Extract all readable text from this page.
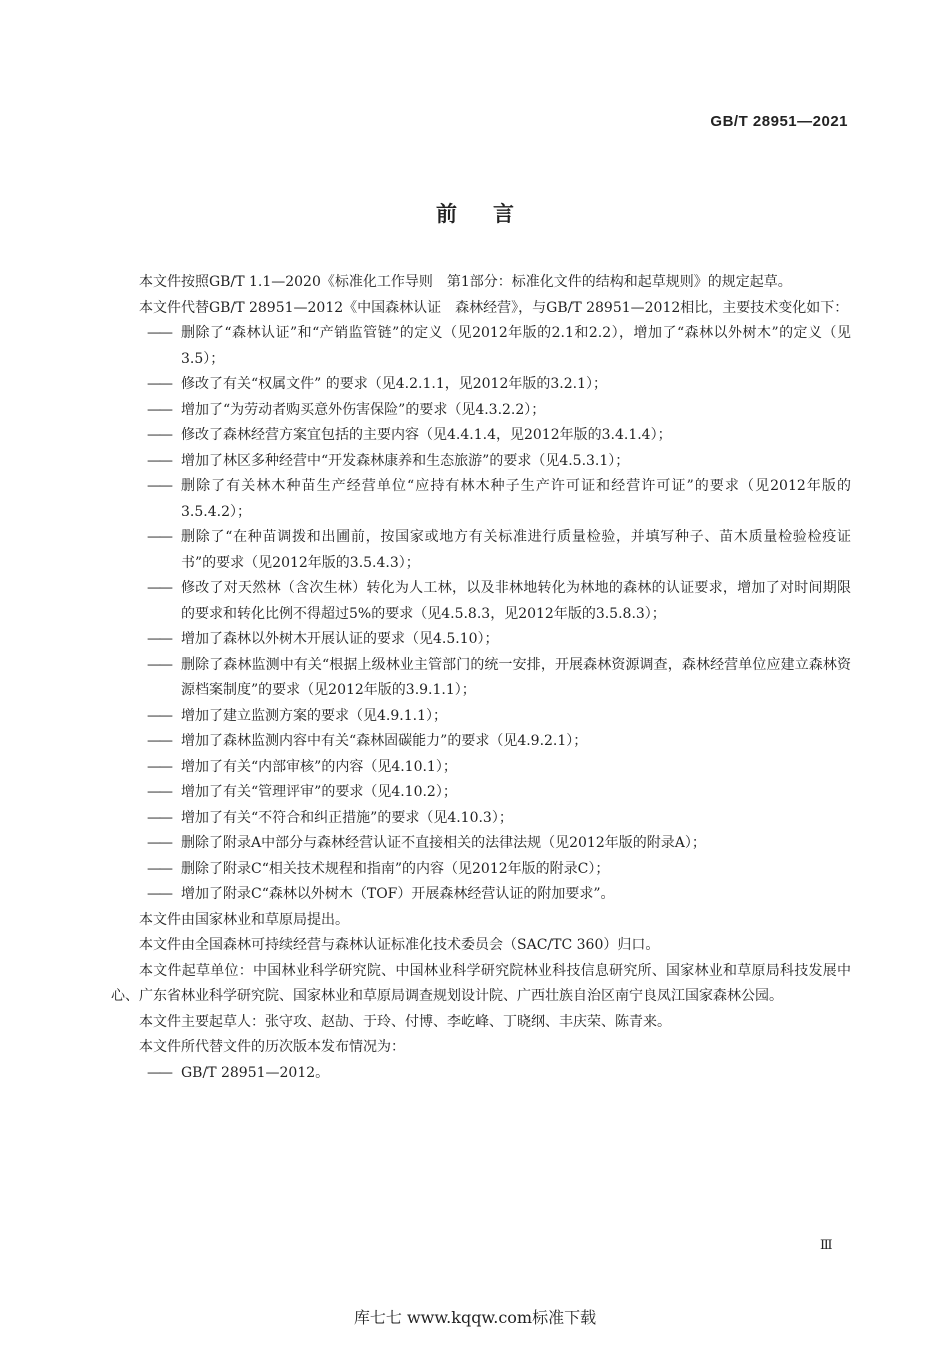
GB/T 28951—2021
前言
本文件按照GB/T 1.1—2020《标准化工作导则　第1部分：标准化文件的结构和起草规则》的规定起草。
本文件代替GB/T 28951—2012《中国森林认证　森林经营》，与GB/T 28951—2012相比，主要技术变化如下：
—— 删除了“森林认证”和“产销监管链”的定义（见2012年版的2.1和2.2），增加了“森林以外树木”的定义（见3.5）；
—— 修改了有关“权属文件” 的要求（见4.2.1.1，见2012年版的3.2.1）；
—— 增加了“为劳动者购买意外伤害保险”的要求（见4.3.2.2）；
—— 修改了森林经营方案宜包括的主要内容（见4.4.1.4，见2012年版的3.4.1.4）；
—— 增加了林区多种经营中“开发森林康养和生态旅游”的要求（见4.5.3.1）；
—— 删除了有关林木种苗生产经营单位“应持有林木种子生产许可证和经营许可证”的要求（见2012年版的3.5.4.2）；
—— 删除了“在种苗调拨和出圃前，按国家或地方有关标准进行质量检验，并填写种子、苗木质量检验检疫证书”的要求（见2012年版的3.5.4.3）；
—— 修改了对天然林（含次生林）转化为人工林，以及非林地转化为林地的森林的认证要求，增加了对时间期限的要求和转化比例不得超过5%的要求（见4.5.8.3，见2012年版的3.5.8.3）；
—— 增加了森林以外树木开展认证的要求（见4.5.10）；
—— 删除了森林监测中有关“根据上级林业主管部门的统一安排，开展森林资源调查，森林经营单位应建立森林资源档案制度”的要求（见2012年版的3.9.1.1）；
—— 增加了建立监测方案的要求（见4.9.1.1）；
—— 增加了森林监测内容中有关“森林固碳能力”的要求（见4.9.2.1）；
—— 增加了有关“内部审核”的内容（见4.10.1）；
—— 增加了有关“管理评审”的要求（见4.10.2）；
—— 增加了有关“不符合和纠正措施”的要求（见4.10.3）；
—— 删除了附录A中部分与森林经营认证不直接相关的法律法规（见2012年版的附录A）；
—— 删除了附录C“相关技术规程和指南”的内容（见2012年版的附录C）；
—— 增加了附录C“森林以外树木（TOF）开展森林经营认证的附加要求”。
本文件由国家林业和草原局提出。
本文件由全国森林可持续经营与森林认证标准化技术委员会（SAC/TC 360）归口。
本文件起草单位：中国林业科学研究院、中国林业科学研究院林业科技信息研究所、国家林业和草原局科技发展中心、广东省林业科学研究院、国家林业和草原局调查规划设计院、广西壮族自治区南宁良凤江国家森林公园。
本文件主要起草人：张守攻、赵劼、于玲、付博、李屹峰、丁晓纲、丰庆荣、陈青来。
本文件所代替文件的历次版本发布情况为：
—— GB/T 28951—2012。
Ⅲ
库七七 www.kqqw.com标准下载
